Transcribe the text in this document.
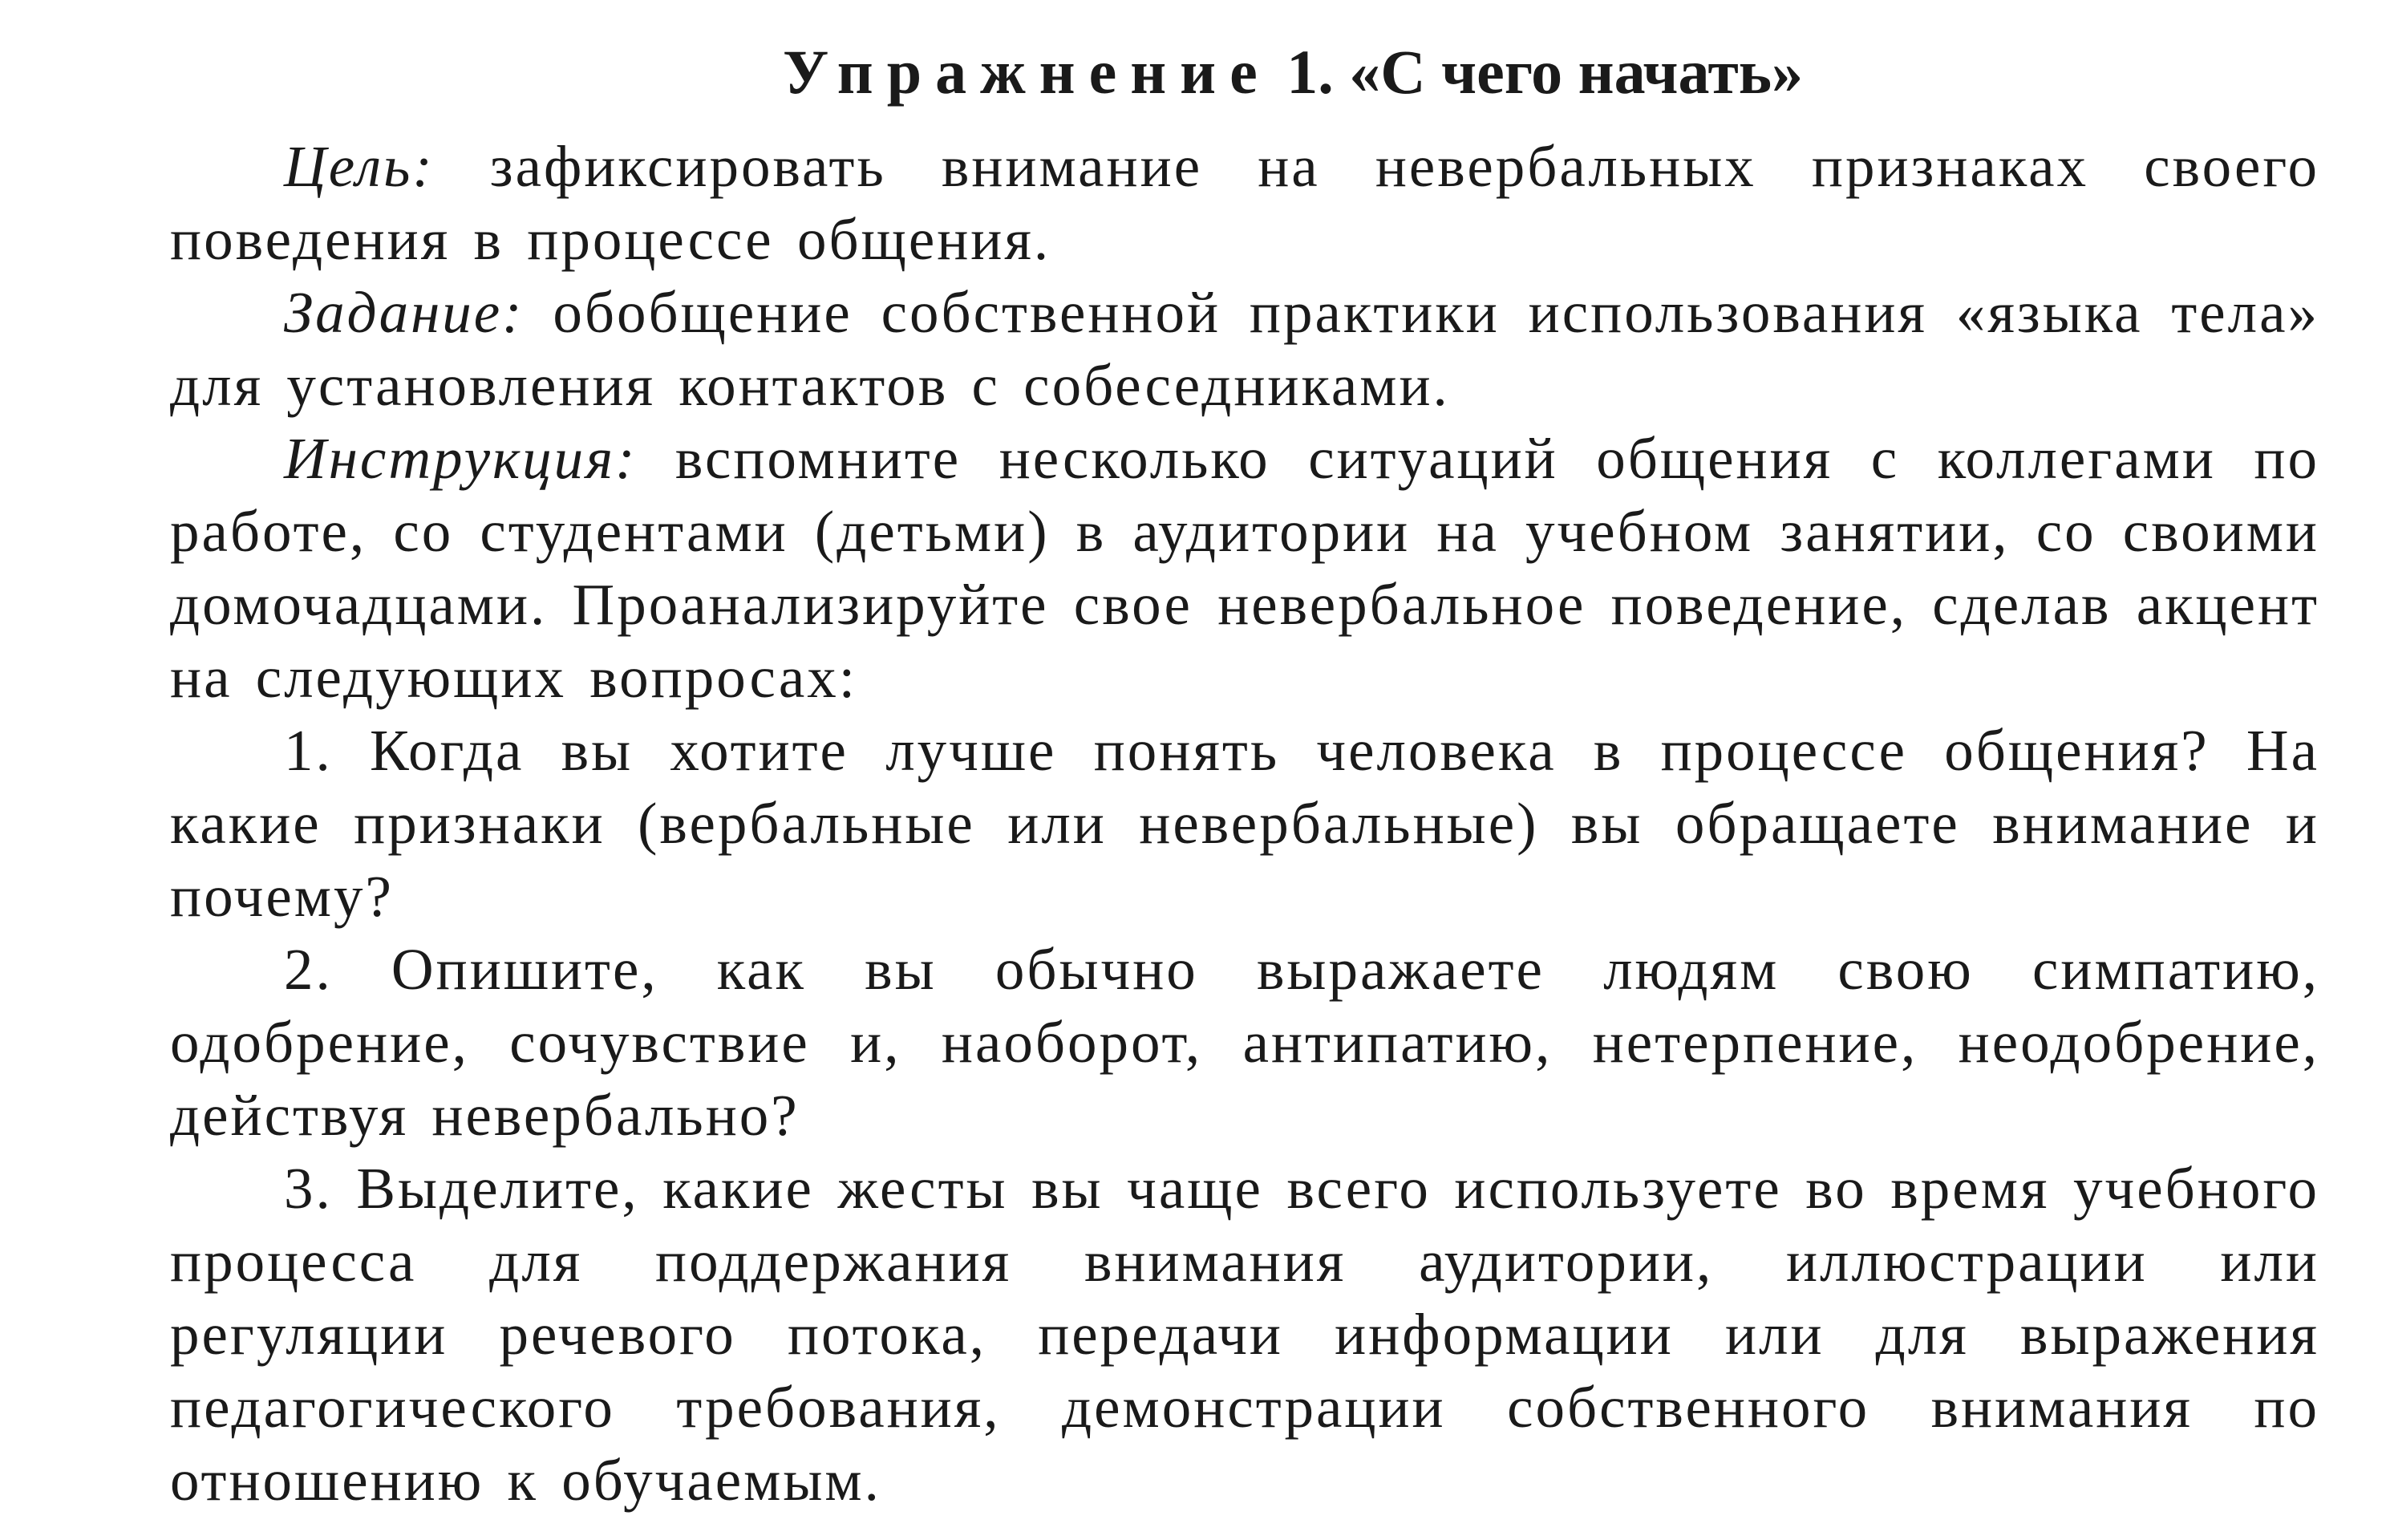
Упражнение 1. «С чего начать»

Цель: зафиксировать внимание на невербальных признаках своего поведения в процессе общения.

Задание: обобщение собственной практики использования «языка тела» для установления контактов с собеседниками.

Инструкция: вспомните несколько ситуаций общения с коллегами по работе, со студентами (детьми) в аудитории на учебном занятии, со своими домочадцами. Проанализируйте свое невербальное поведение, сделав акцент на следующих вопросах:

1. Когда вы хотите лучше понять человека в процессе общения? На какие признаки (вербальные или невербальные) вы обращаете внимание и почему?

2. Опишите, как вы обычно выражаете людям свою симпатию, одобрение, сочувствие и, наоборот, антипатию, нетерпение, неодобрение, действуя невербально?

3. Выделите, какие жесты вы чаще всего используете во время учебного процесса для поддержания внимания аудитории, иллюстрации или регуляции речевого потока, передачи информации или для выражения педагогического требования, демонстрации собственного внимания по отношению к обучаемым.
